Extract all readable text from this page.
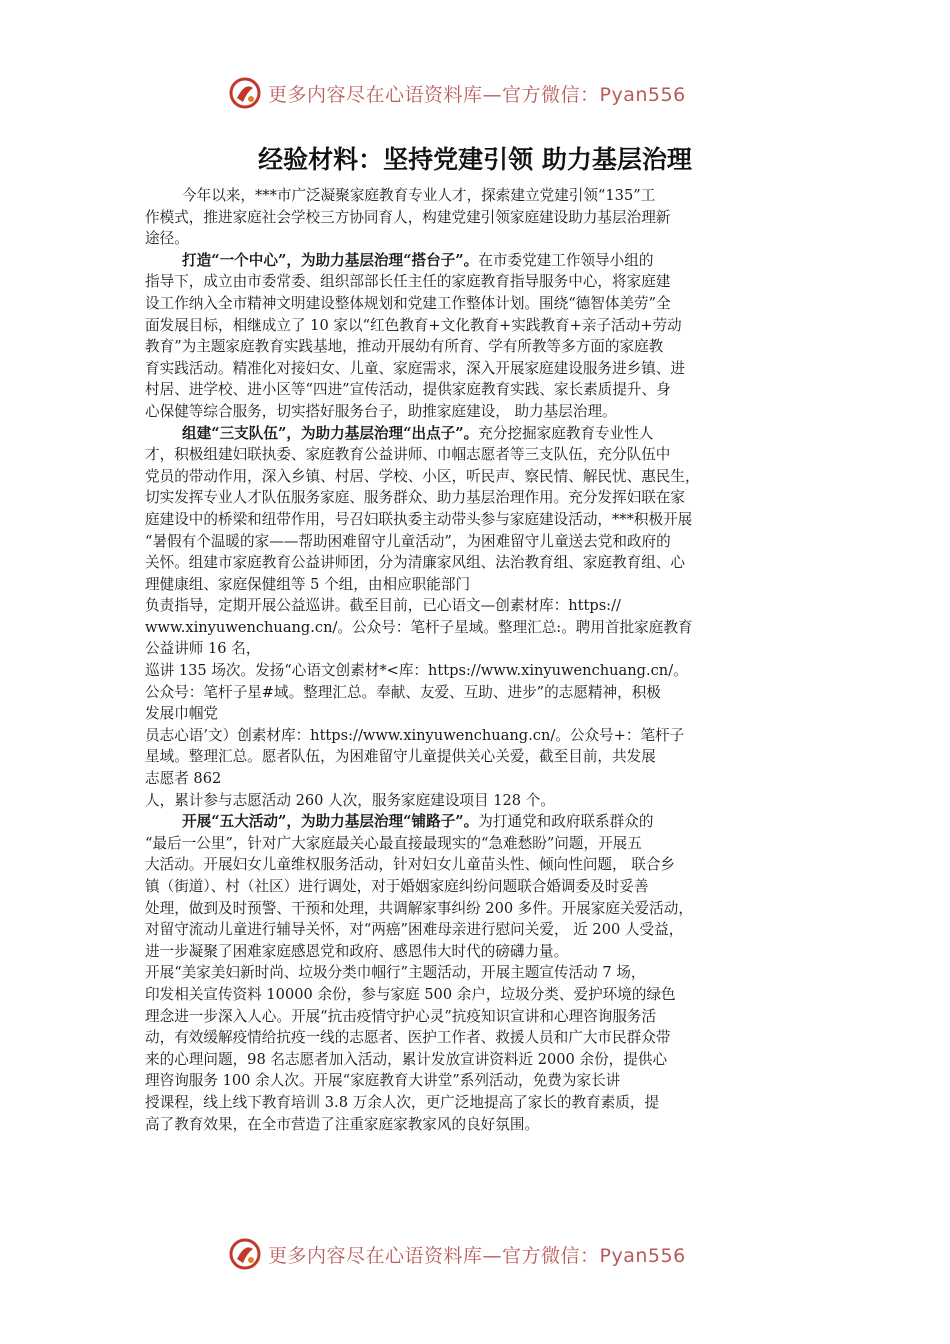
更多内容尽在心语资料库—官方微信：Pyan556
经验材料：坚持党建引领 助力基层治理
今年以来，***市广泛凝聚家庭教育专业人才，探索建立党建引领“135”工
作模式，推进家庭社会学校三方协同育人，构建党建引领家庭建设助力基层治理新
途径。
打造“一个中心”，为助力基层治理“搭台子”。在市委党建工作领导小组的
指导下，成立由市委常委、组织部部长任主任的家庭教育指导服务中心，将家庭建
设工作纳入全市精神文明建设整体规划和党建工作整体计划。围绕“德智体美劳”全
面发展目标，相继成立了 10 家以“红色教育+文化教育+实践教育+亲子活动+劳动
教育”为主题家庭教育实践基地，推动开展幼有所育、学有所教等多方面的家庭教
育实践活动。精准化对接妇女、儿童、家庭需求，深入开展家庭建设服务进乡镇、进
村居、进学校、进小区等“四进”宣传活动，提供家庭教育实践、家长素质提升、身
心保健等综合服务，切实搭好服务台子，助推家庭建设， 助力基层治理。
组建“三支队伍”，为助力基层治理“出点子”。充分挖掘家庭教育专业性人
才，积极组建妇联执委、家庭教育公益讲师、巾帼志愿者等三支队伍，充分队伍中
党员的带动作用，深入乡镇、村居、学校、小区，听民声、察民情、解民忧、惠民生，
切实发挥专业人才队伍服务家庭、服务群众、助力基层治理作用。充分发挥妇联在家
庭建设中的桥梁和纽带作用，号召妇联执委主动带头参与家庭建设活动，***积极开展
“暑假有个温暖的家——帮助困难留守儿童活动”，为困难留守儿童送去党和政府的
关怀。组建市家庭教育公益讲师团，分为清廉家风组、法治教育组、家庭教育组、心
理健康组、家庭保健组等 5 个组，由相应职能部门
负责指导，定期开展公益巡讲。截至目前，已心语文—创素材库：https://
www.xinyuwenchuang.cn/。公众号：笔杆子星域。整理汇总:。聘用首批家庭教育
公益讲师 16 名，
巡讲 135 场次。发扬“心语文创素材*<库：https://www.xinyuwenchuang.cn/。
公众号：笔杆子星#域。整理汇总。奉献、友爱、互助、进步”的志愿精神，积极
发展巾帼党
员志心语’文）创素材库：https://www.xinyuwenchuang.cn/。公众号+：笔杆子
星域。整理汇总。愿者队伍，为困难留守儿童提供关心关爱，截至目前，共发展
志愿者 862
人，累计参与志愿活动 260 人次，服务家庭建设项目 128 个。
开展“五大活动”，为助力基层治理“铺路子”。为打通党和政府联系群众的
“最后一公里”，针对广大家庭最关心最直接最现实的“急难愁盼”问题，开展五
大活动。开展妇女儿童维权服务活动，针对妇女儿童苗头性、倾向性问题， 联合乡
镇（街道）、村（社区）进行调处，对于婚姻家庭纠纷问题联合婚调委及时妥善
处理，做到及时预警、干预和处理，共调解家事纠纷 200 多件。开展家庭关爱活动，
对留守流动儿童进行辅导关怀，对“两癌”困难母亲进行慰问关爱， 近 200 人受益，
进一步凝聚了困难家庭感恩党和政府、感恩伟大时代的磅礴力量。
开展“美家美妇新时尚、垃圾分类巾帼行”主题活动，开展主题宣传活动 7 场，
印发相关宣传资料 10000 余份，参与家庭 500 余户，垃圾分类、爱护环境的绿色
理念进一步深入人心。开展“抗击疫情守护心灵”抗疫知识宣讲和心理咨询服务活
动，有效缓解疫情给抗疫一线的志愿者、医护工作者、救援人员和广大市民群众带
来的心理问题，98 名志愿者加入活动，累计发放宣讲资料近 2000 余份，提供心
理咨询服务 100 余人次。开展“家庭教育大讲堂”系列活动，免费为家长讲
授课程，线上线下教育培训 3.8 万余人次，更广泛地提高了家长的教育素质，提
高了教育效果，在全市营造了注重家庭家教家风的良好氛围。
更多内容尽在心语资料库—官方微信：Pyan556
